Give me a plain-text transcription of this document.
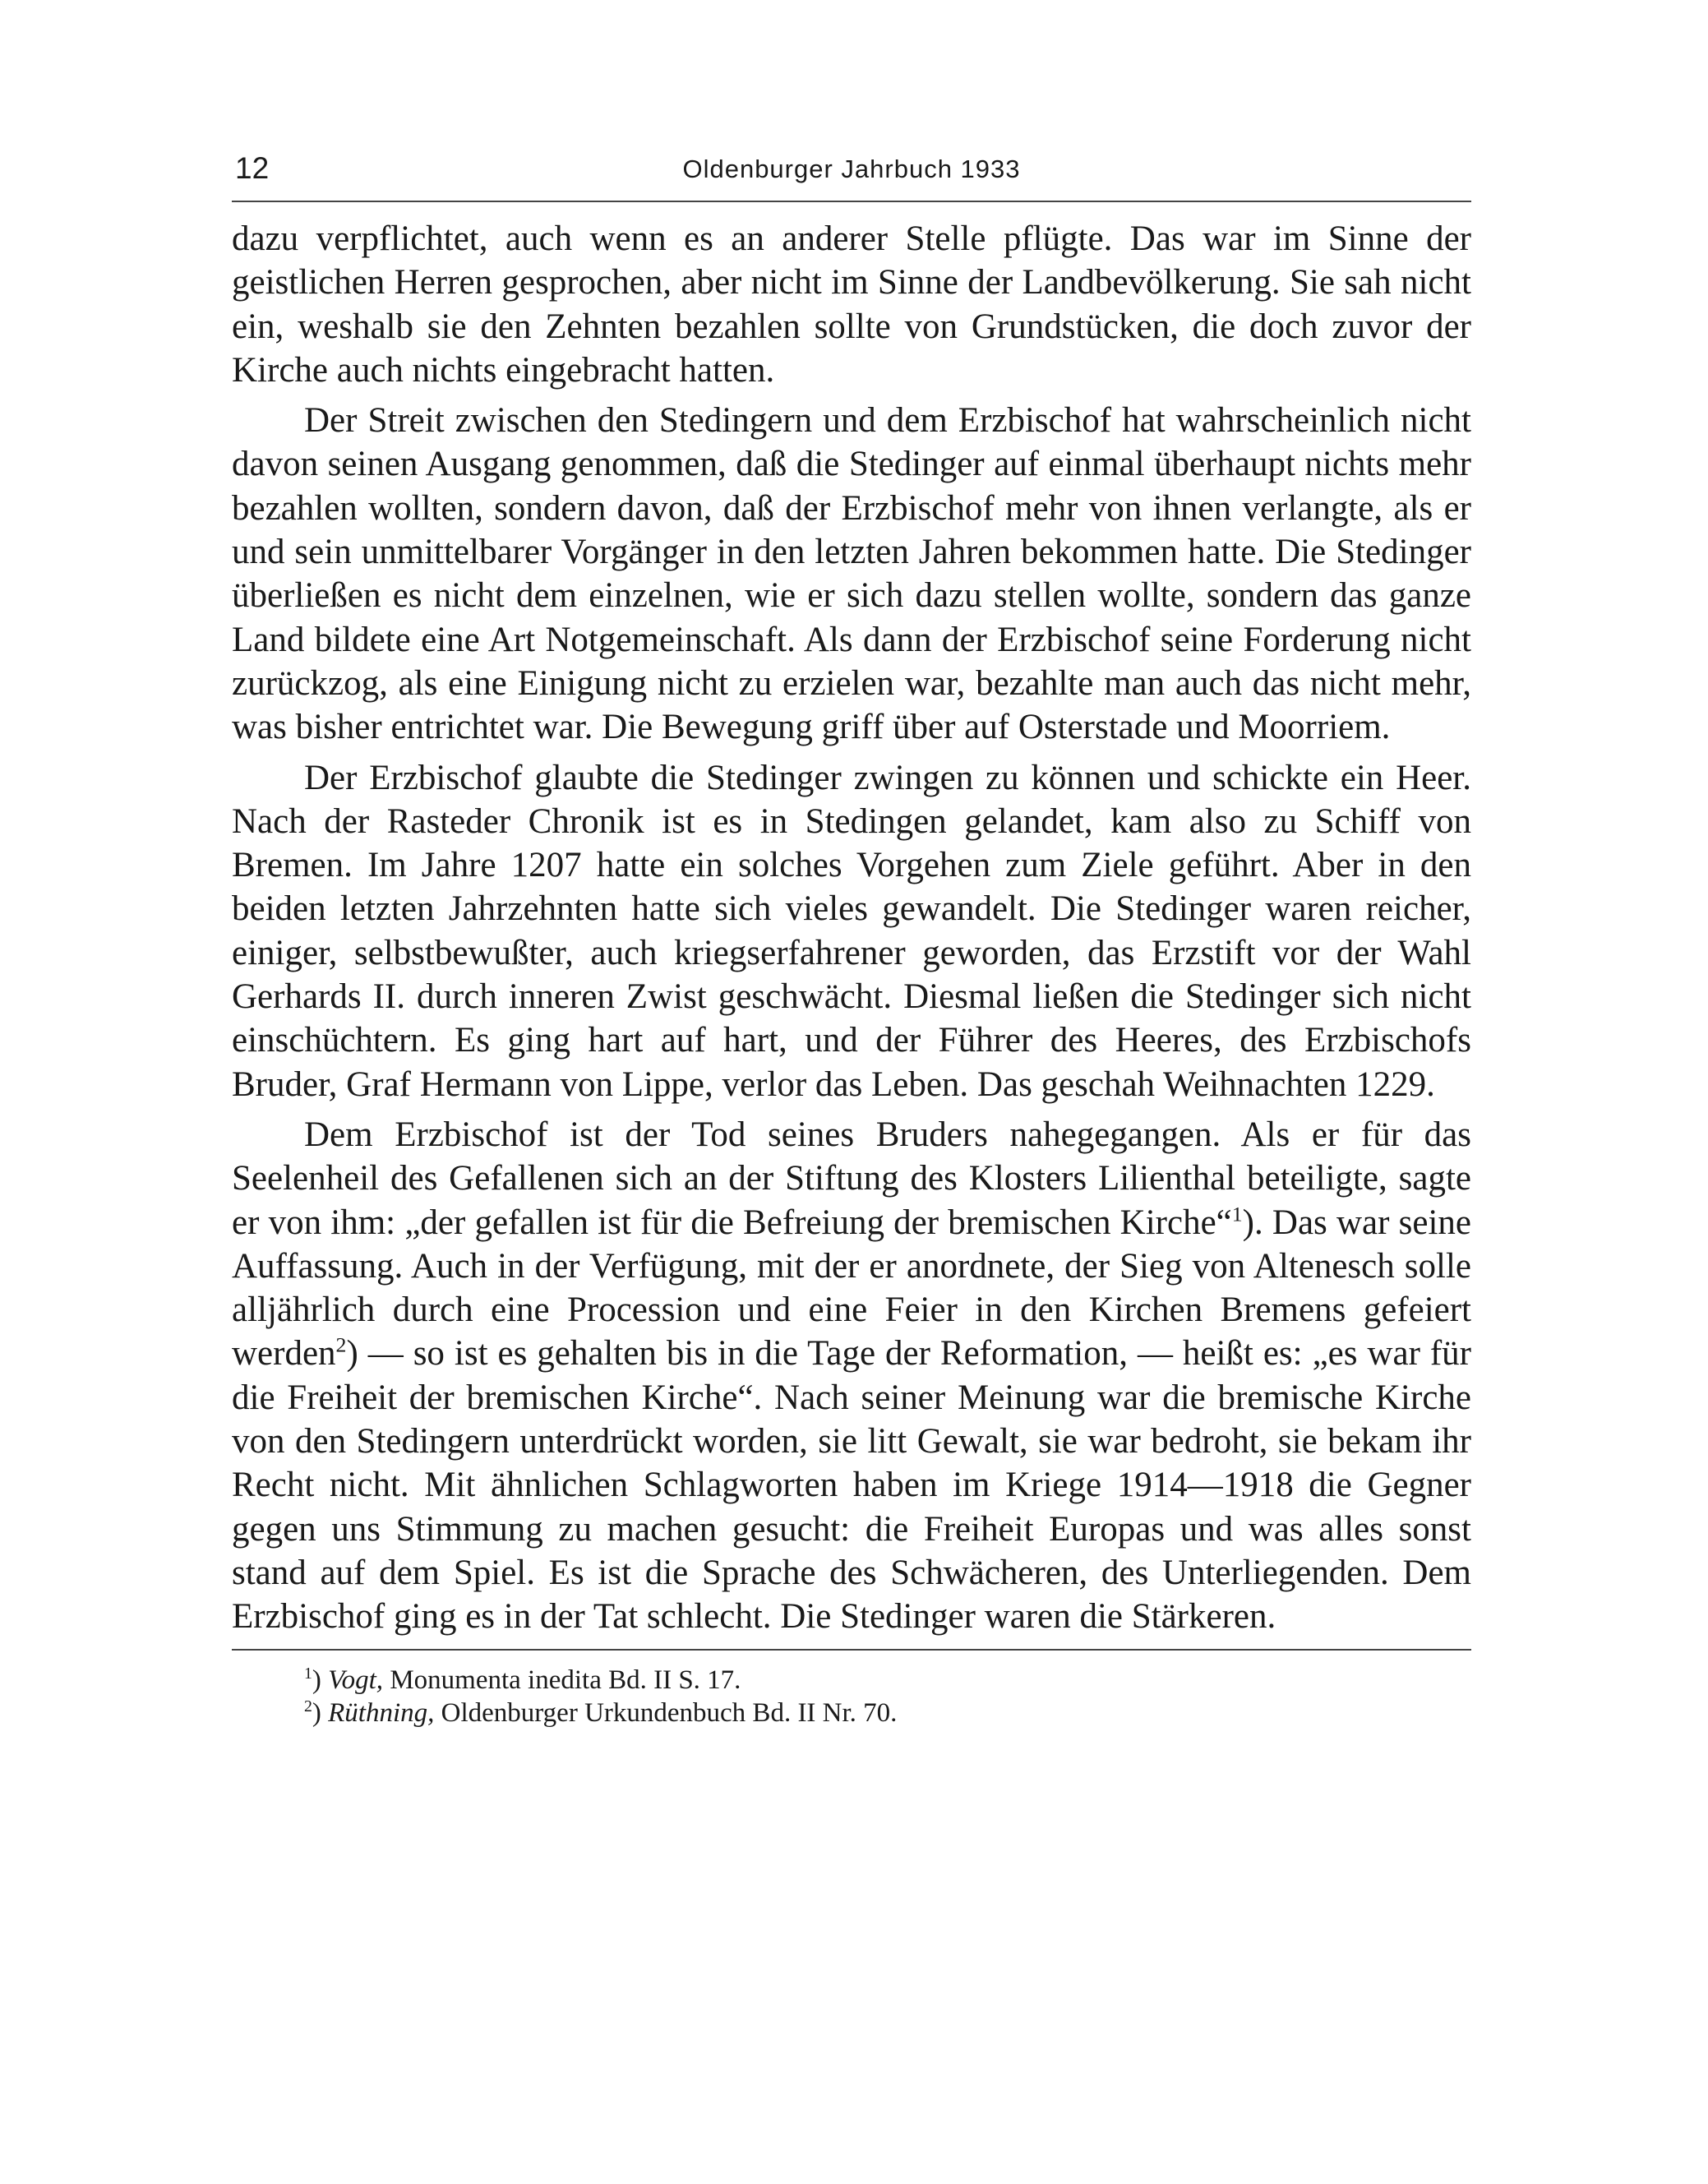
12	Oldenburger Jahrbuch 1933

dazu verpflichtet, auch wenn es an anderer Stelle pflügte. Das war im Sinne der geistlichen Herren gesprochen, aber nicht im Sinne der Landbevölkerung. Sie sah nicht ein, weshalb sie den Zehnten bezahlen sollte von Grundstücken, die doch zuvor der Kirche auch nichts eingebracht hatten.

Der Streit zwischen den Stedingern und dem Erzbischof hat wahrscheinlich nicht davon seinen Ausgang genommen, daß die Stedinger auf einmal überhaupt nichts mehr bezahlen wollten, sondern davon, daß der Erzbischof mehr von ihnen verlangte, als er und sein unmittelbarer Vorgänger in den letzten Jahren bekommen hatte. Die Stedinger überließen es nicht dem einzelnen, wie er sich dazu stellen wollte, sondern das ganze Land bildete eine Art Notgemeinschaft. Als dann der Erzbischof seine Forderung nicht zurückzog, als eine Einigung nicht zu erzielen war, bezahlte man auch das nicht mehr, was bisher entrichtet war. Die Bewegung griff über auf Osterstade und Moorriem.

Der Erzbischof glaubte die Stedinger zwingen zu können und schickte ein Heer. Nach der Rasteder Chronik ist es in Stedingen gelandet, kam also zu Schiff von Bremen. Im Jahre 1207 hatte ein solches Vorgehen zum Ziele geführt. Aber in den beiden letzten Jahrzehnten hatte sich vieles gewandelt. Die Stedinger waren reicher, einiger, selbstbewußter, auch kriegserfahrener geworden, das Erzstift vor der Wahl Gerhards II. durch inneren Zwist geschwächt. Diesmal ließen die Stedinger sich nicht einschüchtern. Es ging hart auf hart, und der Führer des Heeres, des Erzbischofs Bruder, Graf Hermann von Lippe, verlor das Leben. Das geschah Weihnachten 1229.

Dem Erzbischof ist der Tod seines Bruders nahegegangen. Als er für das Seelenheil des Gefallenen sich an der Stiftung des Klosters Lilienthal beteiligte, sagte er von ihm: „der gefallen ist für die Befreiung der bremischen Kirche“$^1$). Das war seine Auffassung. Auch in der Verfügung, mit der er anordnete, der Sieg von Altenesch solle alljährlich durch eine Procession und eine Feier in den Kirchen Bremens gefeiert werden$^2$) — so ist es gehalten bis in die Tage der Reformation, — heißt es: „es war für die Freiheit der bremischen Kirche“. Nach seiner Meinung war die bremische Kirche von den Stedingern unterdrückt worden, sie litt Gewalt, sie war bedroht, sie bekam ihr Recht nicht. Mit ähnlichen Schlagworten haben im Kriege 1914—1918 die Gegner gegen uns Stimmung zu machen gesucht: die Freiheit Europas und was alles sonst stand auf dem Spiel. Es ist die Sprache des Schwächeren, des Unterliegenden. Dem Erzbischof ging es in der Tat schlecht. Die Stedinger waren die Stärkeren.

$^1$) Vogt, Monumenta inedita Bd. II S. 17.
$^2$) Rüthning, Oldenburger Urkundenbuch Bd. II Nr. 70.
